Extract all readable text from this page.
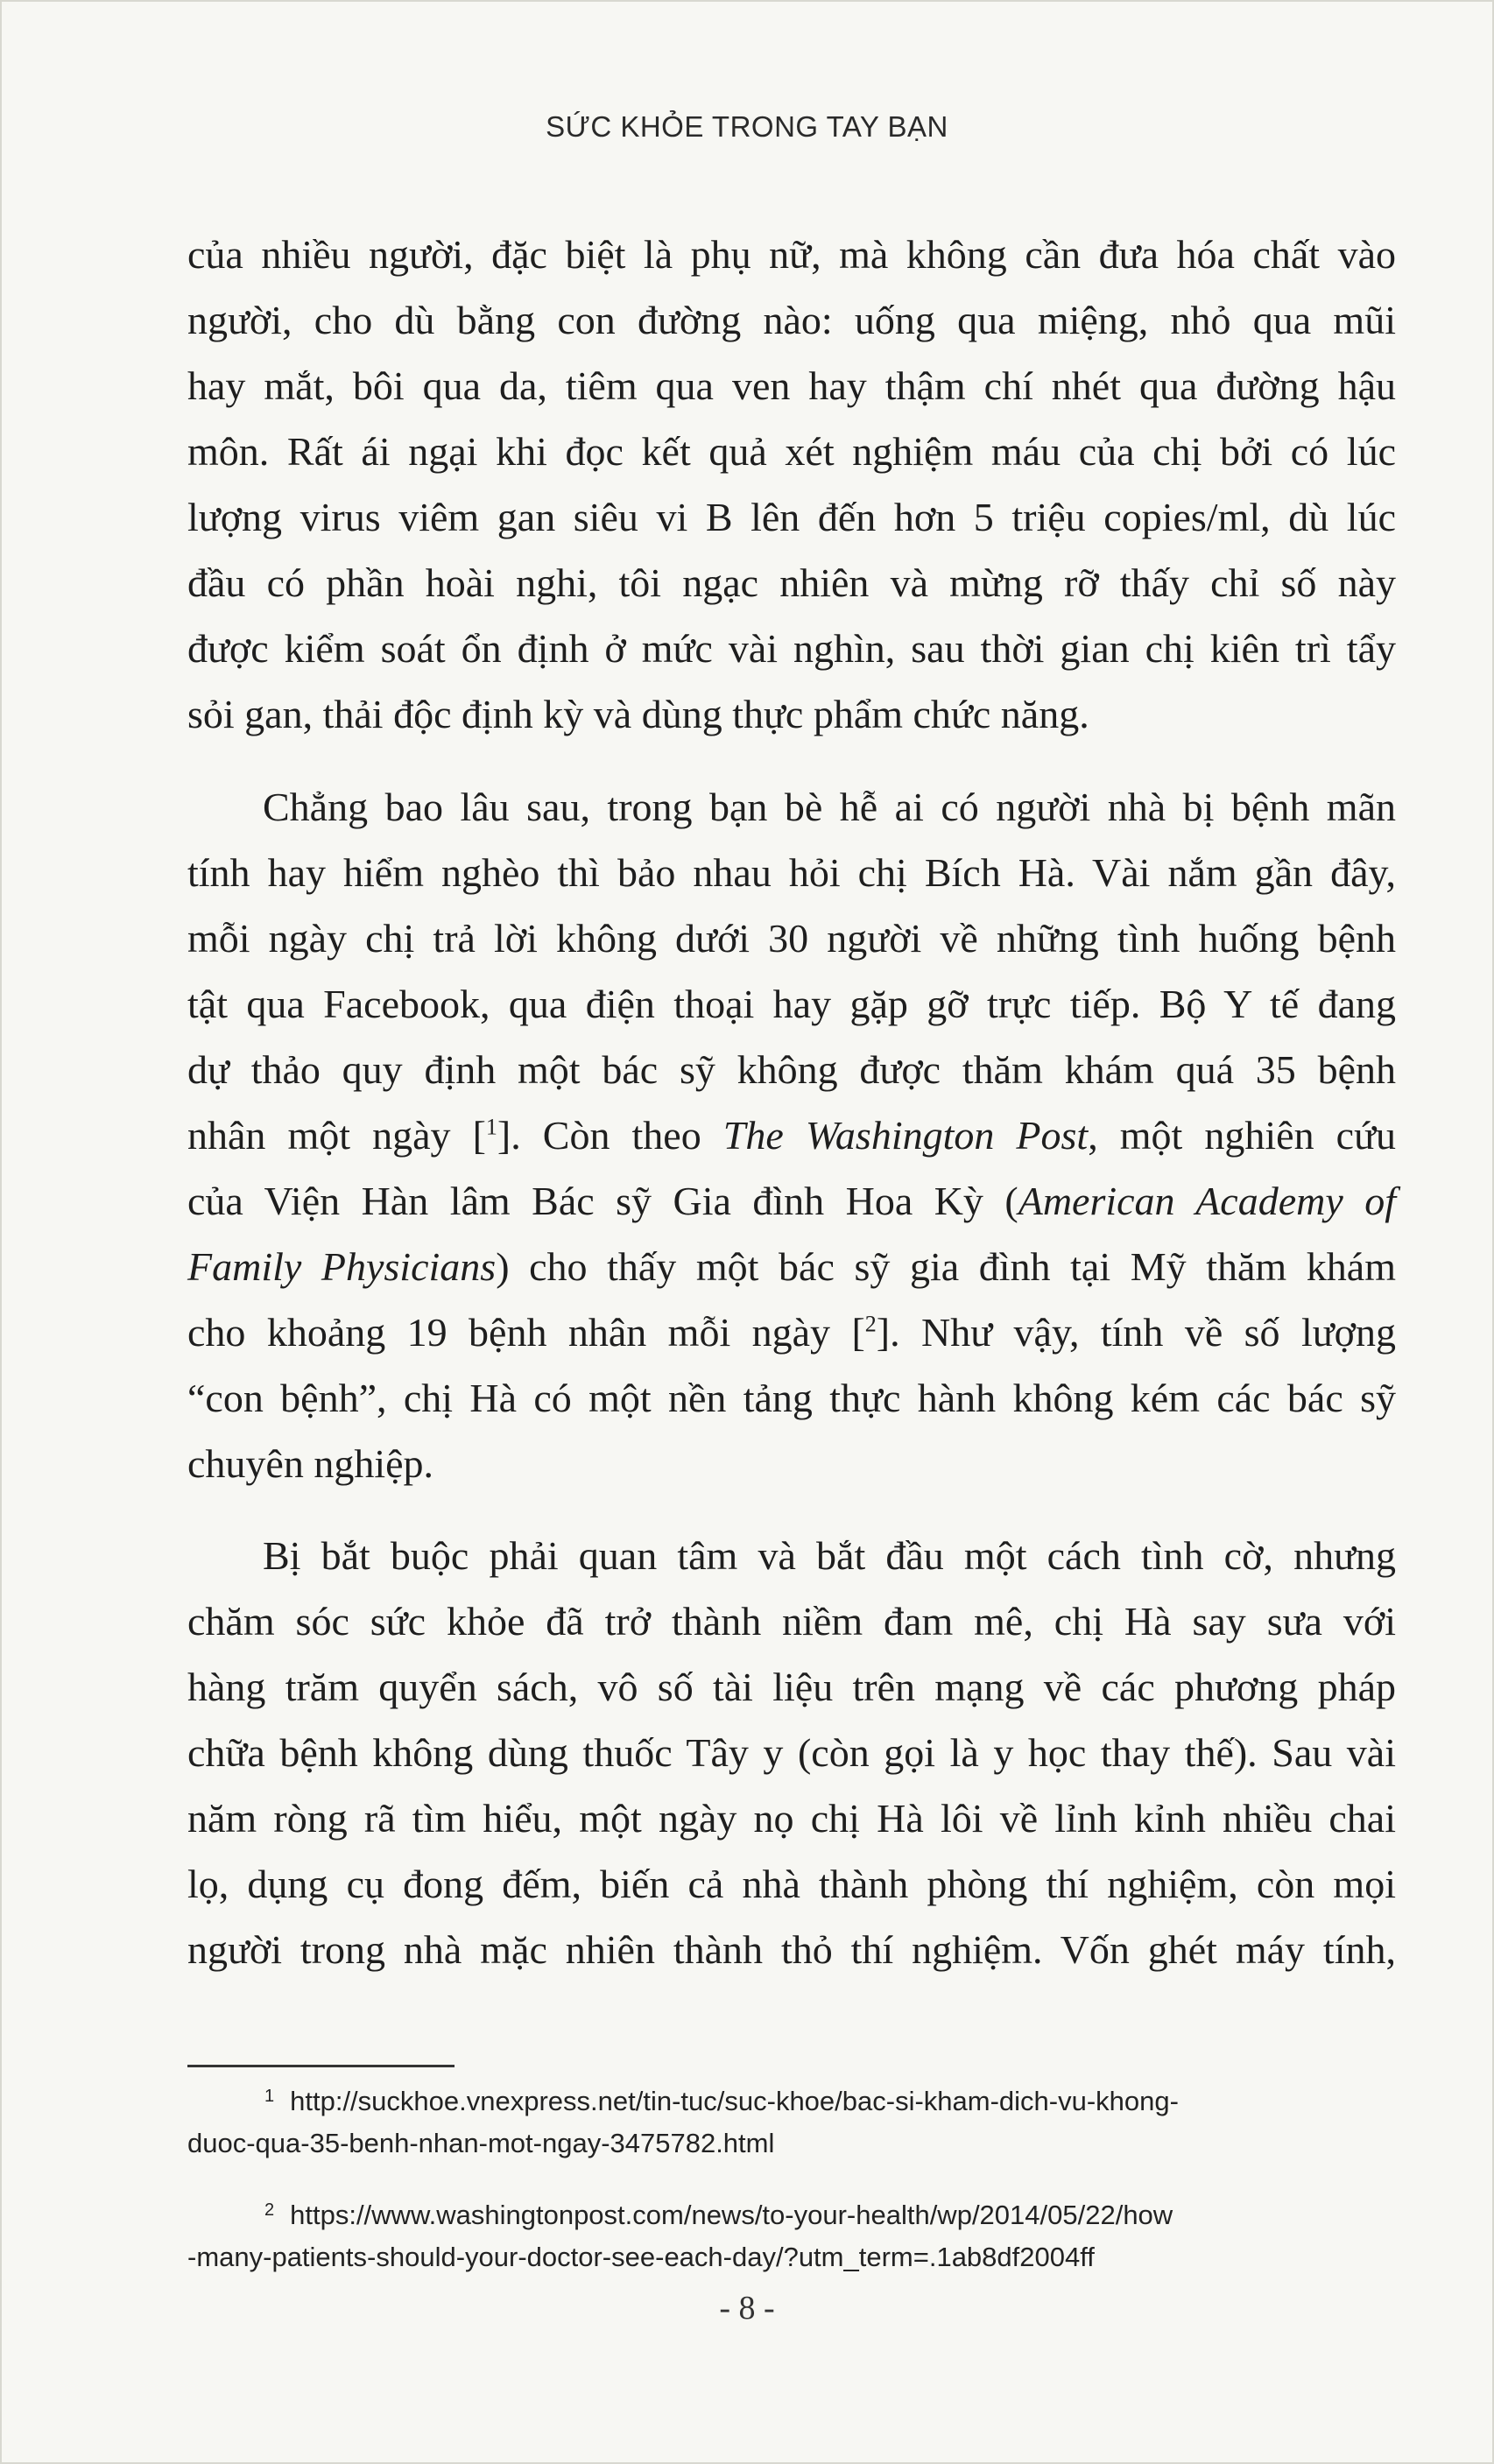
SỨC KHỎE TRONG TAY BẠN
của nhiều người, đặc biệt là phụ nữ, mà không cần đưa hóa chất vào
người, cho dù bằng con đường nào: uống qua miệng, nhỏ qua mũi
hay mắt, bôi qua da, tiêm qua ven hay thậm chí nhét qua đường hậu
môn. Rất ái ngại khi đọc kết quả xét nghiệm máu của chị bởi có lúc
lượng virus viêm gan siêu vi B lên đến hơn 5 triệu copies/ml, dù lúc
đầu có phần hoài nghi, tôi ngạc nhiên và mừng rỡ thấy chỉ số này
được kiểm soát ổn định ở mức vài nghìn, sau thời gian chị kiên trì tẩy
sỏi gan, thải độc định kỳ và dùng thực phẩm chức năng.
Chẳng bao lâu sau, trong bạn bè hễ ai có người nhà bị bệnh mãn
tính hay hiểm nghèo thì bảo nhau hỏi chị Bích Hà. Vài nắm gần đây,
mỗi ngày chị trả lời không dưới 30 người về những tình huống bệnh
tật qua Facebook, qua điện thoại hay gặp gỡ trực tiếp. Bộ Y tế đang
dự thảo quy định một bác sỹ không được thăm khám quá 35 bệnh
nhân một ngày [$^1$]. Còn theo The Washington Post, một nghiên cứu
của Viện Hàn lâm Bác sỹ Gia đình Hoa Kỳ (American Academy of
Family Physicians) cho thấy một bác sỹ gia đình tại Mỹ thăm khám
cho khoảng 19 bệnh nhân mỗi ngày [$^2$]. Như vậy, tính về số lượng
“con bệnh”, chị Hà có một nền tảng thực hành không kém các bác sỹ
chuyên nghiệp.
Bị bắt buộc phải quan tâm và bắt đầu một cách tình cờ, nhưng
chăm sóc sức khỏe đã trở thành niềm đam mê, chị Hà say sưa với
hàng trăm quyển sách, vô số tài liệu trên mạng về các phương pháp
chữa bệnh không dùng thuốc Tây y (còn gọi là y học thay thế). Sau vài
năm ròng rã tìm hiểu, một ngày nọ chị Hà lôi về lỉnh kỉnh nhiều chai
lọ, dụng cụ đong đếm, biến cả nhà thành phòng thí nghiệm, còn mọi
người trong nhà mặc nhiên thành thỏ thí nghiệm. Vốn ghét máy tính,
$^1$ http://suckhoe.vnexpress.net/tin-tuc/suc-khoe/bac-si-kham-dich-vu-khong-
duoc-qua-35-benh-nhan-mot-ngay-3475782.html
$^2$ https://www.washingtonpost.com/news/to-your-health/wp/2014/05/22/how
-many-patients-should-your-doctor-see-each-day/?utm_term=.1ab8df2004ff
- 8 -
